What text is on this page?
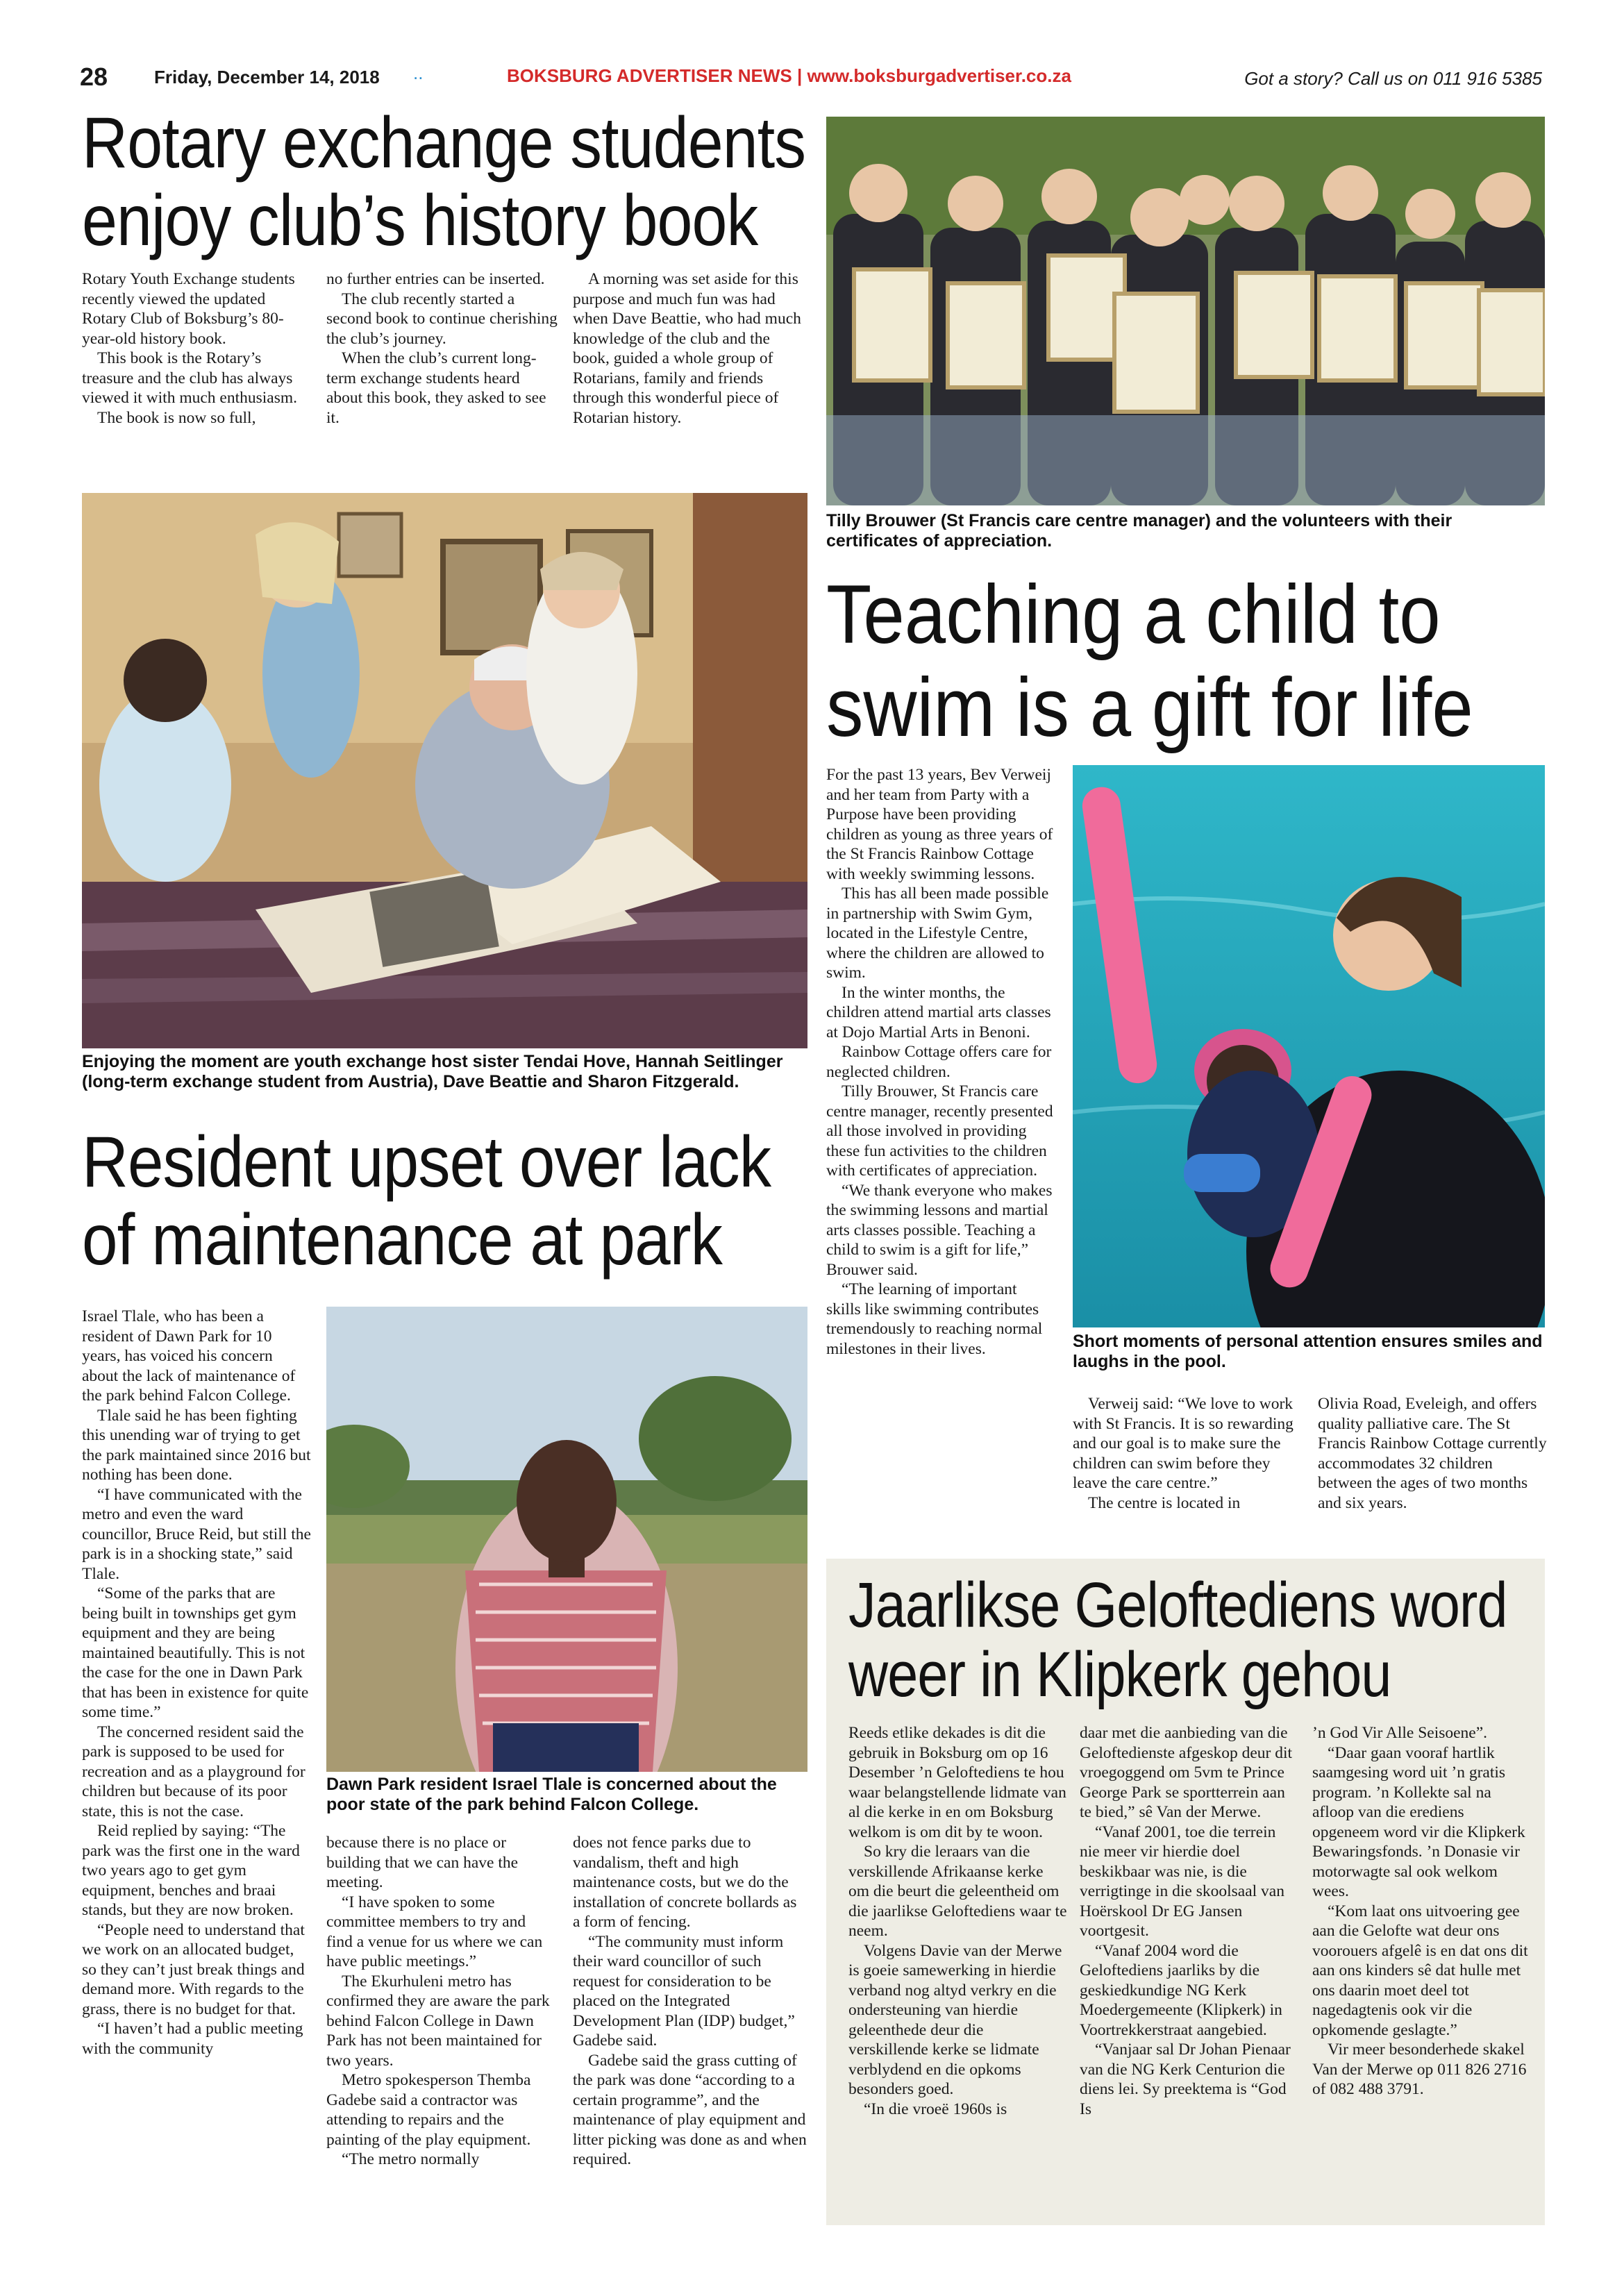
28	Friday, December 14, 2018 ..	BOKSBURG ADVERTISER NEWS | www.boksburgadvertiser.co.za	Got a story? Call us on 011 916 5385
Rotary exchange students
enjoy club’s history book

Rotary Youth Exchange students recently viewed the updated Rotary Club of Boksburg’s 80-year-old history book.

This book is the Rotary’s treasure and the club has always viewed it with much enthusiasm.

The book is now so full,

no further entries can be inserted.

The club recently started a second book to continue cherishing the club’s journey.

When the club’s current long-term exchange students heard about this book, they asked to see it.

A morning was set aside for this purpose and much fun was had when Dave Beattie, who had much knowledge of the club and the book, guided a whole group of Rotarians, family and friends through this wonderful piece of Rotarian history.

Enjoying the moment are youth exchange host sister Tendai Hove, Hannah Seitlinger (long-term exchange student from Austria), Dave Beattie and Sharon Fitzgerald.
Tilly Brouwer (St Francis care centre manager) and the volunteers with their certificates of appreciation.
Teaching a child to
swim is a gift for life

For the past 13 years, Bev Verweij and her team from Party with a Purpose have been providing children as young as three years of the St Francis Rainbow Cottage with weekly swimming lessons.

This has all been made possible in partnership with Swim Gym, located in the Lifestyle Centre, where the children are allowed to swim.

In the winter months, the children attend martial arts classes at Dojo Martial Arts in Benoni.

Rainbow Cottage offers care for neglected children.

Tilly Brouwer, St Francis care centre manager, recently presented all those involved in providing these fun activities to the children with certificates of appreciation.

“We thank everyone who makes the swimming lessons and martial arts classes possible. Teaching a child to swim is a gift for life,” Brouwer said.

“The learning of important skills like swimming contributes tremendously to reaching normal milestones in their lives.	Short moments of personal attention ensures smiles and laughs in the pool.

Verweij said: “We love to work with St Francis. It is so rewarding and our goal is to make sure the children can swim before they leave the care centre.”

The centre is located in

Olivia Road, Eveleigh, and offers quality palliative care. The St Francis Rainbow Cottage currently accommodates 32 children between the ages of two months and six years.

Resident upset over lack
of maintenance at park

Israel Tlale, who has been a resident of Dawn Park for 10 years, has voiced his concern about the lack of maintenance of the park behind Falcon College.

Tlale said he has been fighting this unending war of trying to get the park maintained since 2016 but nothing has been done.

“I have communicated with the metro and even the ward councillor, Bruce Reid, but still the park is in a shocking state,” said Tlale.

“Some of the parks that are being built in townships get gym equipment and they are being maintained beautifully. This is not the case for the one in Dawn Park that has been in existence for quite some time.”

The concerned resident said the park is supposed to be used for recreation and as a playground for children but because of its poor state, this is not the case.

Reid replied by saying: “The park was the first one in the ward two years ago to get gym equipment, benches and braai stands, but they are now broken.

“People need to understand that we work on an allocated budget, so they can’t just break things and demand more. With regards to the grass, there is no budget for that.

“I haven’t had a public meeting with the community

Dawn Park resident Israel Tlale is concerned about the poor state of the park behind Falcon College.

because there is no place or building that we can have the meeting.

“I have spoken to some committee members to try and find a venue for us where we can have public meetings.”

The Ekurhuleni metro has confirmed they are aware the park behind Falcon College in Dawn Park has not been maintained for two years.

Metro spokesperson Themba Gadebe said a contractor was attending to repairs and the painting of the play equipment.

“The metro normally

does not fence parks due to vandalism, theft and high maintenance costs, but we do the installation of concrete bollards as a form of fencing.

“The community must inform their ward councillor of such request for consideration to be placed on the Integrated Development Plan (IDP) budget,” Gadebe said.

Gadebe said the grass cutting of the park was done “according to a certain programme”, and the maintenance of play equipment and litter picking was done as and when required.

Jaarlikse Geloftediens word
weer in Klipkerk gehou

Reeds etlike dekades is dit die gebruik in Boksburg om op 16 Desember ’n Geloftediens te hou waar belangstellende lidmate van al die kerke in en om Boksburg welkom is om dit by te woon.

So kry die leraars van die verskillende Afrikaanse kerke om die beurt die geleentheid om die jaarlikse Geloftediens waar te neem.

Volgens Davie van der Merwe is goeie samewerking in hierdie verband nog altyd verkry en die ondersteuning van hierdie geleenthede deur die verskillende kerke se lidmate verblydend en die opkoms besonders goed.

“In die vroeë 1960s is

daar met die aanbieding van die Geloftedienste afgeskop deur dit vroegoggend om 5vm te Prince George Park se sportterrein aan te bied,” sê Van der Merwe.

“Vanaf 2001, toe die terrein nie meer vir hierdie doel beskikbaar was nie, is die verrigtinge in die skoolsaal van Hoërskool Dr EG Jansen voortgesit.

“Vanaf 2004 word die Geloftediens jaarliks by die geskiedkundige NG Kerk Moedergemeente (Klipkerk) in Voortrekkerstraat aangebied.

“Vanjaar sal Dr Johan Pienaar van die NG Kerk Centurion die diens lei. Sy preektema is “God Is

’n God Vir Alle Seisoene”.

“Daar gaan vooraf hartlik saamgesing word uit ’n gratis program. ’n Kollekte sal na afloop van die erediens opgeneem word vir die Klipkerk Bewaringsfonds. ’n Donasie vir motorwagte sal ook welkom wees.

“Kom laat ons uitvoering gee aan die Gelofte wat deur ons voorouers afgelê is en dat ons dit aan ons kinders sê dat hulle met ons daarin moet deel tot nagedagtenis ook vir die opkomende geslagte.”

Vir meer besonderhede skakel Van der Merwe op 011 826 2716 of 082 488 3791.
